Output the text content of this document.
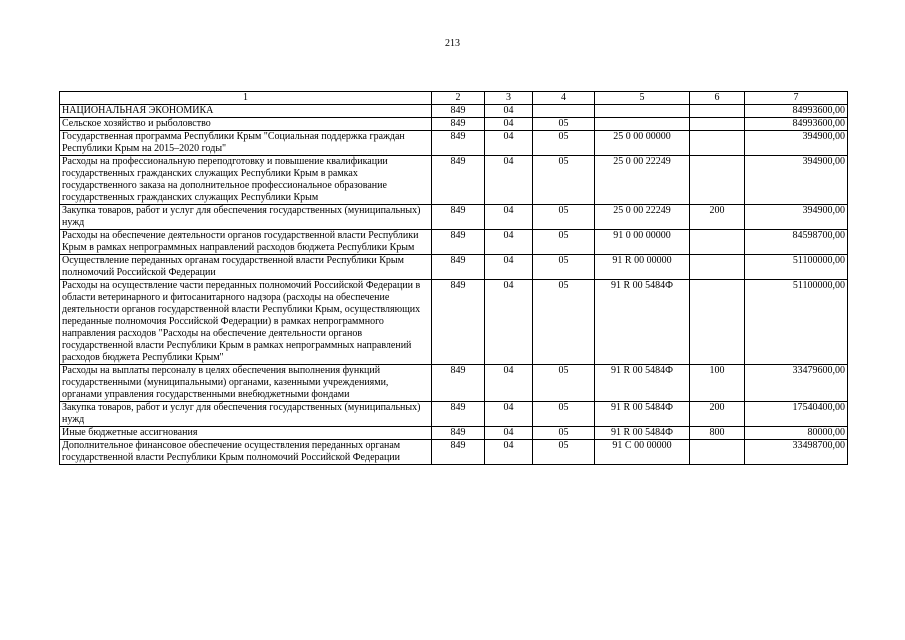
213
1	2	3	4	5	6	7
НАЦИОНАЛЬНАЯ ЭКОНОМИКА	849	04				84993600,00
Сельское хозяйство и рыболовство	849	04	05			84993600,00
Государственная программа Республики Крым "Социальная поддержка граждан Республики Крым на 2015–2020 годы"	849	04	05	25 0 00 00000		394900,00
Расходы на профессиональную переподготовку и повышение квалификации государственных гражданских служащих Республики Крым в рамках государственного заказа на дополнительное профессиональное образование государственных гражданских служащих Республики Крым	849	04	05	25 0 00 22249		394900,00
Закупка товаров, работ и услуг для обеспечения государственных (муниципальных) нужд	849	04	05	25 0 00 22249	200	394900,00
Расходы на обеспечение деятельности органов государственной власти Республики Крым в рамках непрограммных направлений расходов бюджета Республики Крым	849	04	05	91 0 00 00000		84598700,00
Осуществление переданных органам государственной власти Республики Крым полномочий Российской Федерации	849	04	05	91 R 00 00000		51100000,00
Расходы на осуществление части переданных полномочий Российской Федерации в области ветеринарного и фитосанитарного надзора (расходы на обеспечение деятельности органов государственной власти Республики Крым, осуществляющих переданные полномочия Российской Федерации) в рамках непрограммного направления расходов "Расходы на обеспечение деятельности органов государственной власти Республики Крым в рамках непрограммных направлений расходов бюджета Республики Крым"	849	04	05	91 R 00 5484Ф		51100000,00
Расходы на выплаты персоналу в целях обеспечения выполнения функций государственными (муниципальными) органами, казенными учреждениями, органами управления государственными внебюджетными фондами	849	04	05	91 R 00 5484Ф	100	33479600,00
Закупка товаров, работ и услуг для обеспечения государственных (муниципальных) нужд	849	04	05	91 R 00 5484Ф	200	17540400,00
Иные бюджетные ассигнования	849	04	05	91 R 00 5484Ф	800	80000,00
Дополнительное финансовое обеспечение осуществления переданных органам государственной власти Республики Крым полномочий Российской Федерации	849	04	05	91 С 00 00000		33498700,00
